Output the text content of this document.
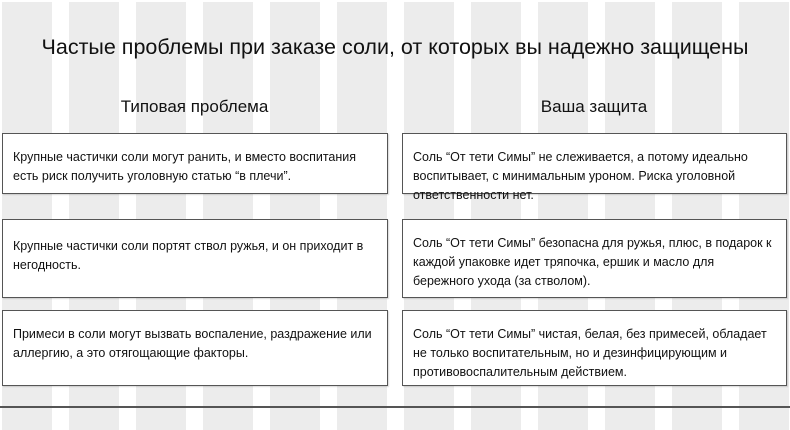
Частые проблемы при заказе соли, от которых вы надежно защищены
Типовая проблема	Ваша защита
Крупные частички соли могут ранить, и вместо воспитания есть риск получить уголовную статью “в плечи”.
Соль “От тети Симы” не слеживается, а потому идеально воспитывает, с минимальным уроном. Риска уголовной ответственности нет.
Крупные частички соли портят ствол ружья, и он приходит в негодность.
Соль “От тети Симы” безопасна для ружья, плюс, в подарок к каждой упаковке идет тряпочка, ершик и масло для бережного ухода (за стволом).
Примеси в соли могут вызвать воспаление, раздражение или аллергию, а это отягощающие факторы.
Соль “От тети Симы” чистая, белая, без примесей, обладает не только воспитательным, но и дезинфицирующим и противовоспалительным действием.
